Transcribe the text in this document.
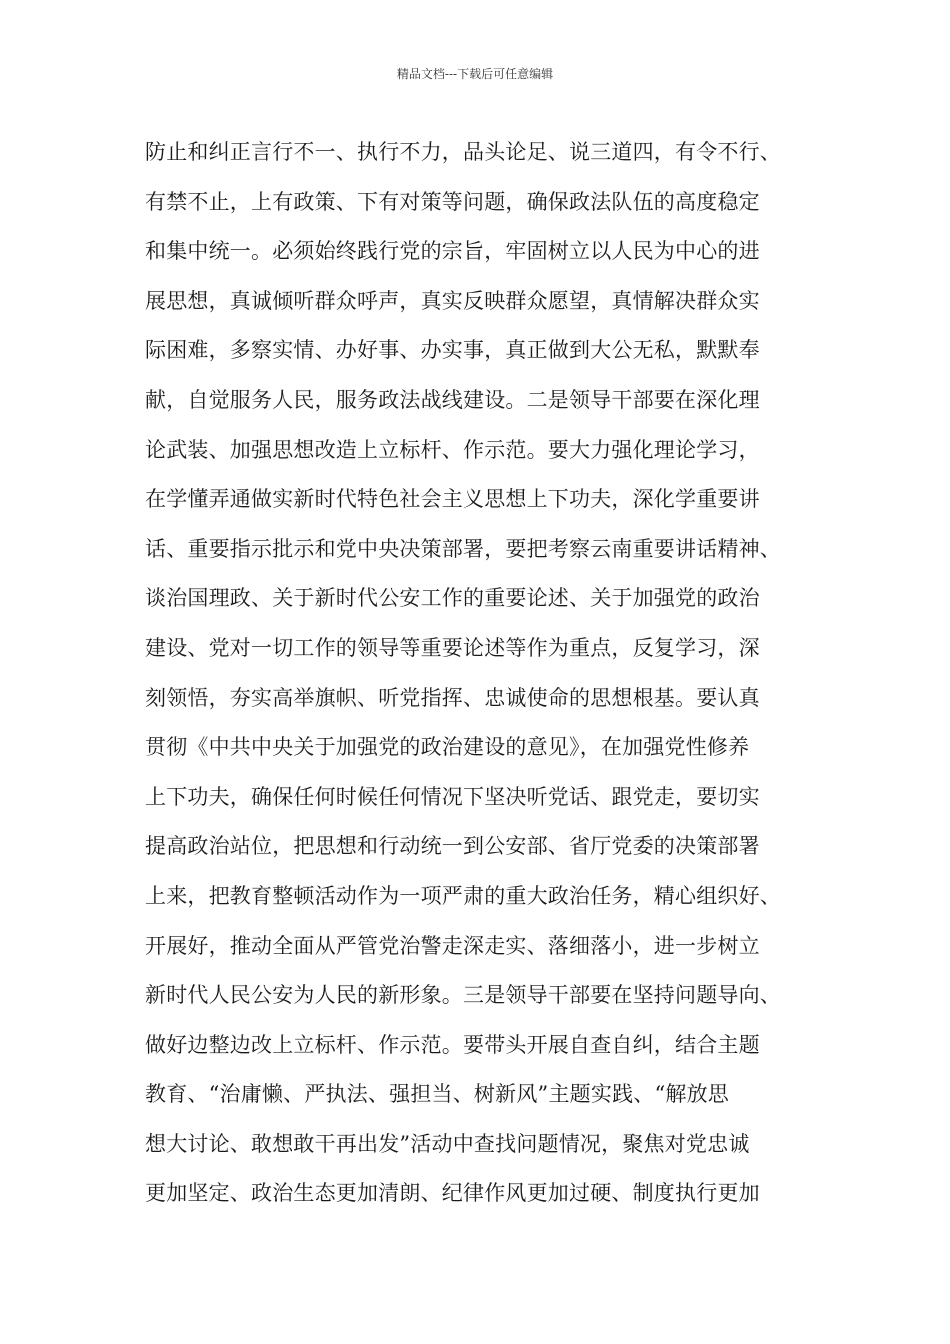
精品文档---下载后可任意编辑
防止和纠正言行不一、执行不力，品头论足、说三道四，有令不行、
有禁不止，上有政策、下有对策等问题，确保政法队伍的高度稳定
和集中统一。必须始终践行党的宗旨，牢固树立以人民为中心的进
展思想，真诚倾听群众呼声，真实反映群众愿望，真情解决群众实
际困难，多察实情、办好事、办实事，真正做到大公无私，默默奉
献，自觉服务人民，服务政法战线建设。二是领导干部要在深化理
论武装、加强思想改造上立标杆、作示范。要大力强化理论学习，
在学懂弄通做实新时代特色社会主义思想上下功夫，深化学重要讲
话、重要指示批示和党中央决策部署，要把考察云南重要讲话精神、
谈治国理政、关于新时代公安工作的重要论述、关于加强党的政治
建设、党对一切工作的领导等重要论述等作为重点，反复学习，深
刻领悟，夯实高举旗帜、听党指挥、忠诚使命的思想根基。要认真
贯彻《中共中央关于加强党的政治建设的意见》，在加强党性修养
上下功夫，确保任何时候任何情况下坚决听党话、跟党走，要切实
提高政治站位，把思想和行动统一到公安部、省厅党委的决策部署
上来，把教育整顿活动作为一项严肃的重大政治任务，精心组织好、
开展好，推动全面从严管党治警走深走实、落细落小，进一步树立
新时代人民公安为人民的新形象。三是领导干部要在坚持问题导向、
做好边整边改上立标杆、作示范。要带头开展自查自纠，结合主题
教育、“治庸懒、严执法、强担当、树新风”主题实践、“解放思
想大讨论、敢想敢干再出发”活动中查找问题情况，聚焦对党忠诚
更加坚定、政治生态更加清朗、纪律作风更加过硬、制度执行更加
